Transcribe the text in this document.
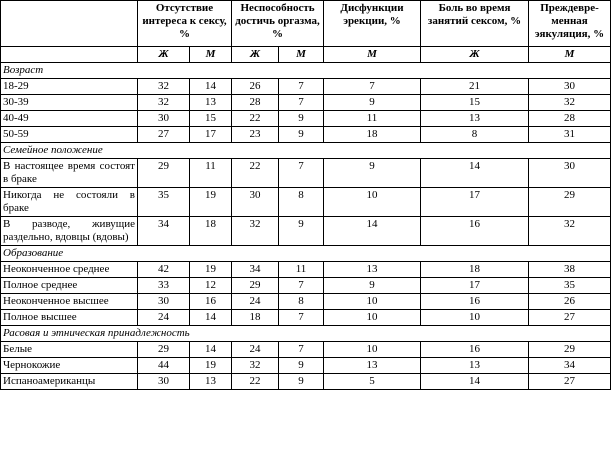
	Отсутствие интереса к сексу, %		Неспособность достичь оргазма, %		Дисфункции эрекции, %	Боль во время занятий сексом, %	Преждевре-менная эякуляция, %
	Ж	М	Ж	М	М	Ж	М
Возраст							
18-29	32	14	26	7	7	21	30
30-39	32	13	28	7	9	15	32
40-49	30	15	22	9	11	13	28
50-59	27	17	23	9	18	8	31
Семейное положение							
В настоящее время состоят в браке	29	11	22	7	9	14	30
Никогда не состояли в браке	35	19	30	8	10	17	29
В разводе, живущие раздельно, вдовцы (вдовы)	34	18	32	9	14	16	32
Образование							
Неоконченное среднее	42	19	34	11	13	18	38
Полное среднее	33	12	29	7	9	17	35
Неоконченное высшее	30	16	24	8	10	16	26
Полное высшее	24	14	18	7	10	10	27
Расовая и этническая принадлежность							
Белые	29	14	24	7	10	16	29
Чернокожие	44	19	32	9	13	13	34
Испаноамериканцы	30	13	22	9	5	14	27
